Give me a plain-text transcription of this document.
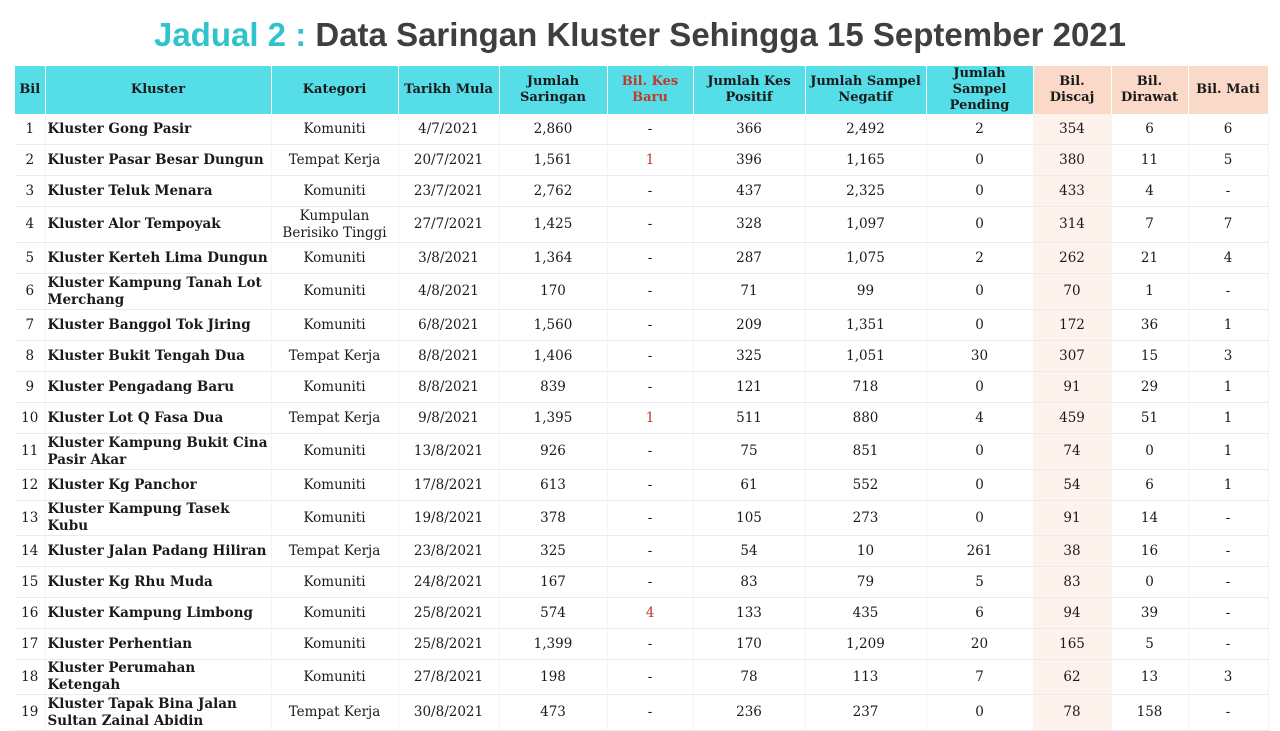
Jadual 2 : Data Saringan Kluster Sehingga 15 September 2021
Bil	Kluster	Kategori	Tarikh Mula	Jumlah Saringan	Bil. Kes Baru	Jumlah Kes Positif	Jumlah Sampel Negatif	Jumlah Sampel Pending	Bil. Discaj	Bil. Dirawat	Bil. Mati
1	Kluster Gong Pasir	Komuniti	4/7/2021	2,860	-	366	2,492	2	354	6	6
2	Kluster Pasar Besar Dungun	Tempat Kerja	20/7/2021	1,561	1	396	1,165	0	380	11	5
3	Kluster Teluk Menara	Komuniti	23/7/2021	2,762	-	437	2,325	0	433	4	-
4	Kluster Alor Tempoyak	Kumpulan Berisiko Tinggi	27/7/2021	1,425	-	328	1,097	0	314	7	7
5	Kluster Kerteh Lima Dungun	Komuniti	3/8/2021	1,364	-	287	1,075	2	262	21	4
6	Kluster Kampung Tanah Lot Merchang	Komuniti	4/8/2021	170	-	71	99	0	70	1	-
7	Kluster Banggol Tok Jiring	Komuniti	6/8/2021	1,560	-	209	1,351	0	172	36	1
8	Kluster Bukit Tengah Dua	Tempat Kerja	8/8/2021	1,406	-	325	1,051	30	307	15	3
9	Kluster Pengadang Baru	Komuniti	8/8/2021	839	-	121	718	0	91	29	1
10	Kluster Lot Q Fasa Dua	Tempat Kerja	9/8/2021	1,395	1	511	880	4	459	51	1
11	Kluster Kampung Bukit Cina Pasir Akar	Komuniti	13/8/2021	926	-	75	851	0	74	0	1
12	Kluster Kg Panchor	Komuniti	17/8/2021	613	-	61	552	0	54	6	1
13	Kluster Kampung Tasek Kubu	Komuniti	19/8/2021	378	-	105	273	0	91	14	-
14	Kluster Jalan Padang Hiliran	Tempat Kerja	23/8/2021	325	-	54	10	261	38	16	-
15	Kluster Kg Rhu Muda	Komuniti	24/8/2021	167	-	83	79	5	83	0	-
16	Kluster Kampung Limbong	Komuniti	25/8/2021	574	4	133	435	6	94	39	-
17	Kluster Perhentian	Komuniti	25/8/2021	1,399	-	170	1,209	20	165	5	-
18	Kluster Perumahan Ketengah	Komuniti	27/8/2021	198	-	78	113	7	62	13	3
19	Kluster Tapak Bina Jalan Sultan Zainal Abidin	Tempat Kerja	30/8/2021	473	-	236	237	0	78	158	-
